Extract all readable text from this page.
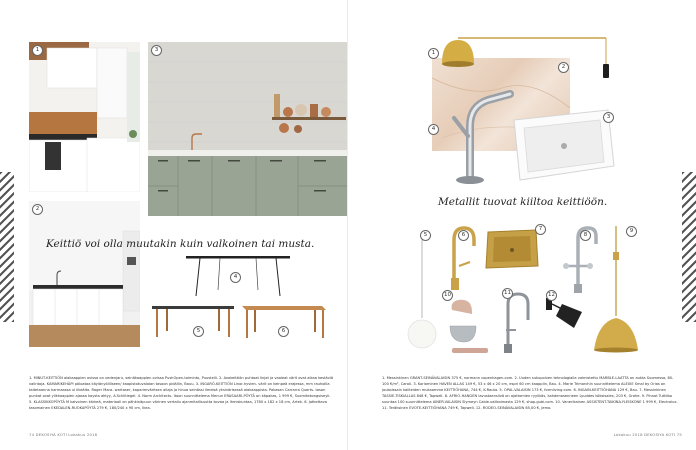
1	3
2
Keittiö voi olla muutakin kuin valkoinen tai musta.
4
5	6
1. MINUT-KEITTIÖN alakaappien ovissa on vedenjaru, seinäkaappien ovissa PushOpen-toiminto, Puustelli. 2. Avokeittiön puhtaat linjat ja vaaleat värit ovat aikaa kestäviä valintoja. KAMARIKEHÄPI pöloataa käyiänyöilllseen/ kaapistotuvalalan tasoon pidällin, Bauu. 3. INGARÖ-KEITTIÖN Linor-hyvien- värit on keinpeä erajessa, mm rauhoilla taitetaanna harmaassa ul ilkeälta. Rager Mara- wartaser, kaparimväritsen allaja ja hinua seinässi ilmeisä yksivärisessä alakaappista. Pakasan Carrarra Quarts- tason punkat ovat ylikkaappien ajassa kaysta aktyy, A.Schlitiegel. 4. Norm Architects- itoon suunnittelema Menun ERASAARI-PÖYTÄ on käpakas, 1 999 €, Suomitekongsiseyli. 5. KLASSIKKOPÖYTÄ M kalvoinen kärkeä, materiaali on pähkinäpuun värinen vertailu ajanmitallisuutta kovaa ja Ihmiskuntaa, 1780 x 182 x 18 cm, Artek. 6. Jatkettava tasomainen EKEDALEN-RUOKAPÖYTÄ 279 €, 180/240 x 90 cm, Ikea.
74 DEKOSIYA KOTI Lokakuu 2018
2
1
4
3
Metallit tuovat kiiltoa keittiöön.
5	6
7
8
9
10	11	12
1. Messinkinen GRANT-SEINÄVALAISIN 375 €, normann copenhagen.com. 2. Uuden sukupolven teknologialla valmistettu MARBLE-LAATTA on aukta Suomessa, 80-100 €/m², Caroli. 3. Koriaminen HAVEN ALLAS 149 €, 53 x 46 x 20 cm, espri 60 cm kaappiin, Bau. 4. Marie Trimarchin suunnittelema ALEXIE Smal by Orias on joukoissain kaiiteiden mukaamme KEITTIÖHANA, 744 €, K-Rauta. 5. OPAL-VALAISIN 173 €, formliving.com. 6. INGAIN-KEITTIÖHANA 129 €, Bau. 7. Messinkinen TASSIE-TISKIALLAS 848 €, Tapwell. 8. AFRIO-HANGEN lavustaensiivä on ajattomien ryylikäs, kahdenasenneen Lyuddes köksisalex, 203 €, Grohe. 9. Pinnot Tuttilbo suuntaa 100 suunnittelema AINER-VALAISIN Slymeyn Cable-valikoimasta 129 €, shop.gubi.com. 10. Vanerikainen ASSISTENT-TAIKINA-YLEISKONE 1 999 €, Electrolux. 11. Teräksinen EVOTE-KEITTIÖHANA 749 €, Tapwell. 12. RODEO-SEINÄVALAISIN 65,00 €, Jemo.
Lokakuu 2018 DEKOSIYA KOTI 75
